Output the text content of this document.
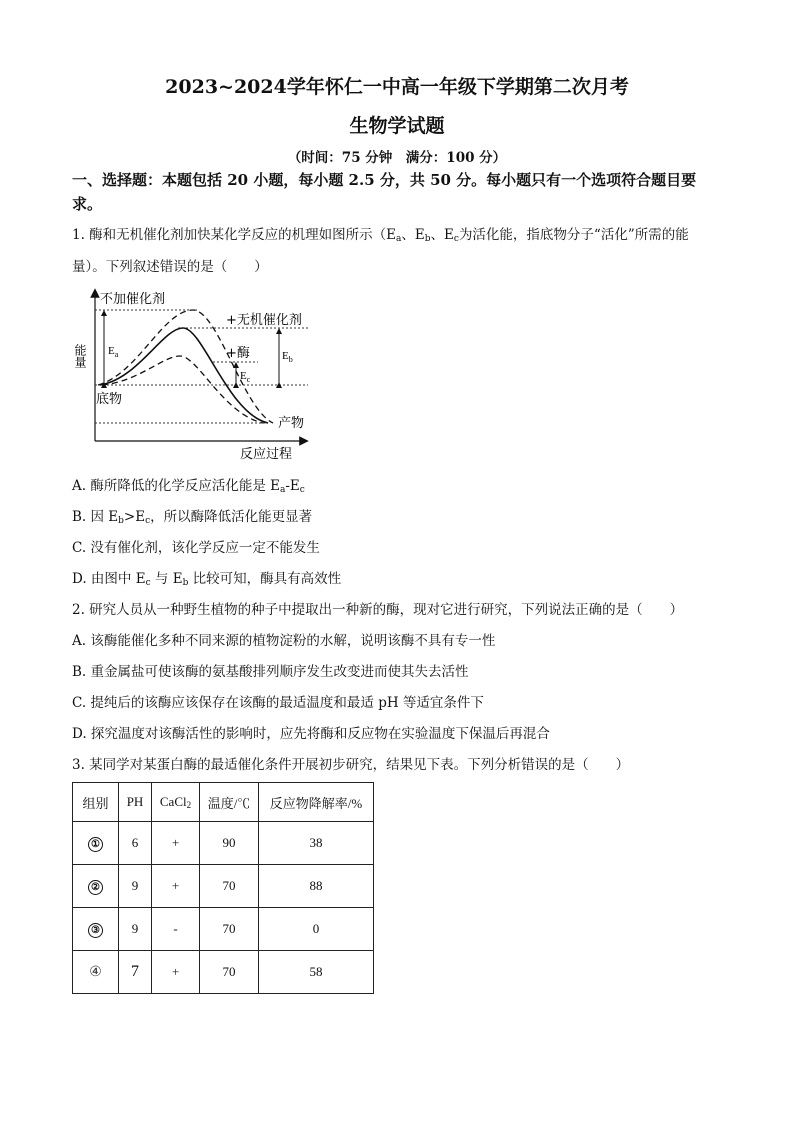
2023~2024学年怀仁一中高一年级下学期第二次月考
生物学试题
（时间：75 分钟　满分：100 分）
一、选择题：本题包括 20 小题，每小题 2.5 分，共 50 分。每小题只有一个选项符合题目要
求。
1. 酶和无机催化剂加快某化学反应的机理如图所示（$E_a$、$E_b$、$E_c$为活化能，指底物分子“活化”所需的能
量）。下列叙述错误的是（　　）
不加催化剂
能量
反应过程
+无机催化剂
+酶
底物
产物
$E_a$	$E_b$
$E_c$
A. 酶所降低的化学反应活化能是 $E_a-E_c$
B. 因 $E_b>E_c$，所以酶降低活化能更显著
C. 没有催化剂，该化学反应一定不能发生
D. 由图中 $E_c$ 与 $E_b$ 比较可知，酶具有高效性
2. 研究人员从一种野生植物的种子中提取出一种新的酶，现对它进行研究，下列说法正确的是（　　）
A. 该酶能催化多种不同来源的植物淀粉的水解，说明该酶不具有专一性
B. 重金属盐可使该酶的氨基酸排列顺序发生改变进而使其失去活性
C. 提纯后的该酶应该保存在该酶的最适温度和最适 pH 等适宜条件下
D. 探究温度对该酶活性的影响时，应先将酶和反应物在实验温度下保温后再混合
3. 某同学对某蛋白酶的最适催化条件开展初步研究，结果见下表。下列分析错误的是（　　）
组别	PH	CaCl$_2$	温度/℃	反应物降解率/%
①	6	+	90	38
②	9	+	70	88
③	9	-	70	0
④	7	+	70	58
